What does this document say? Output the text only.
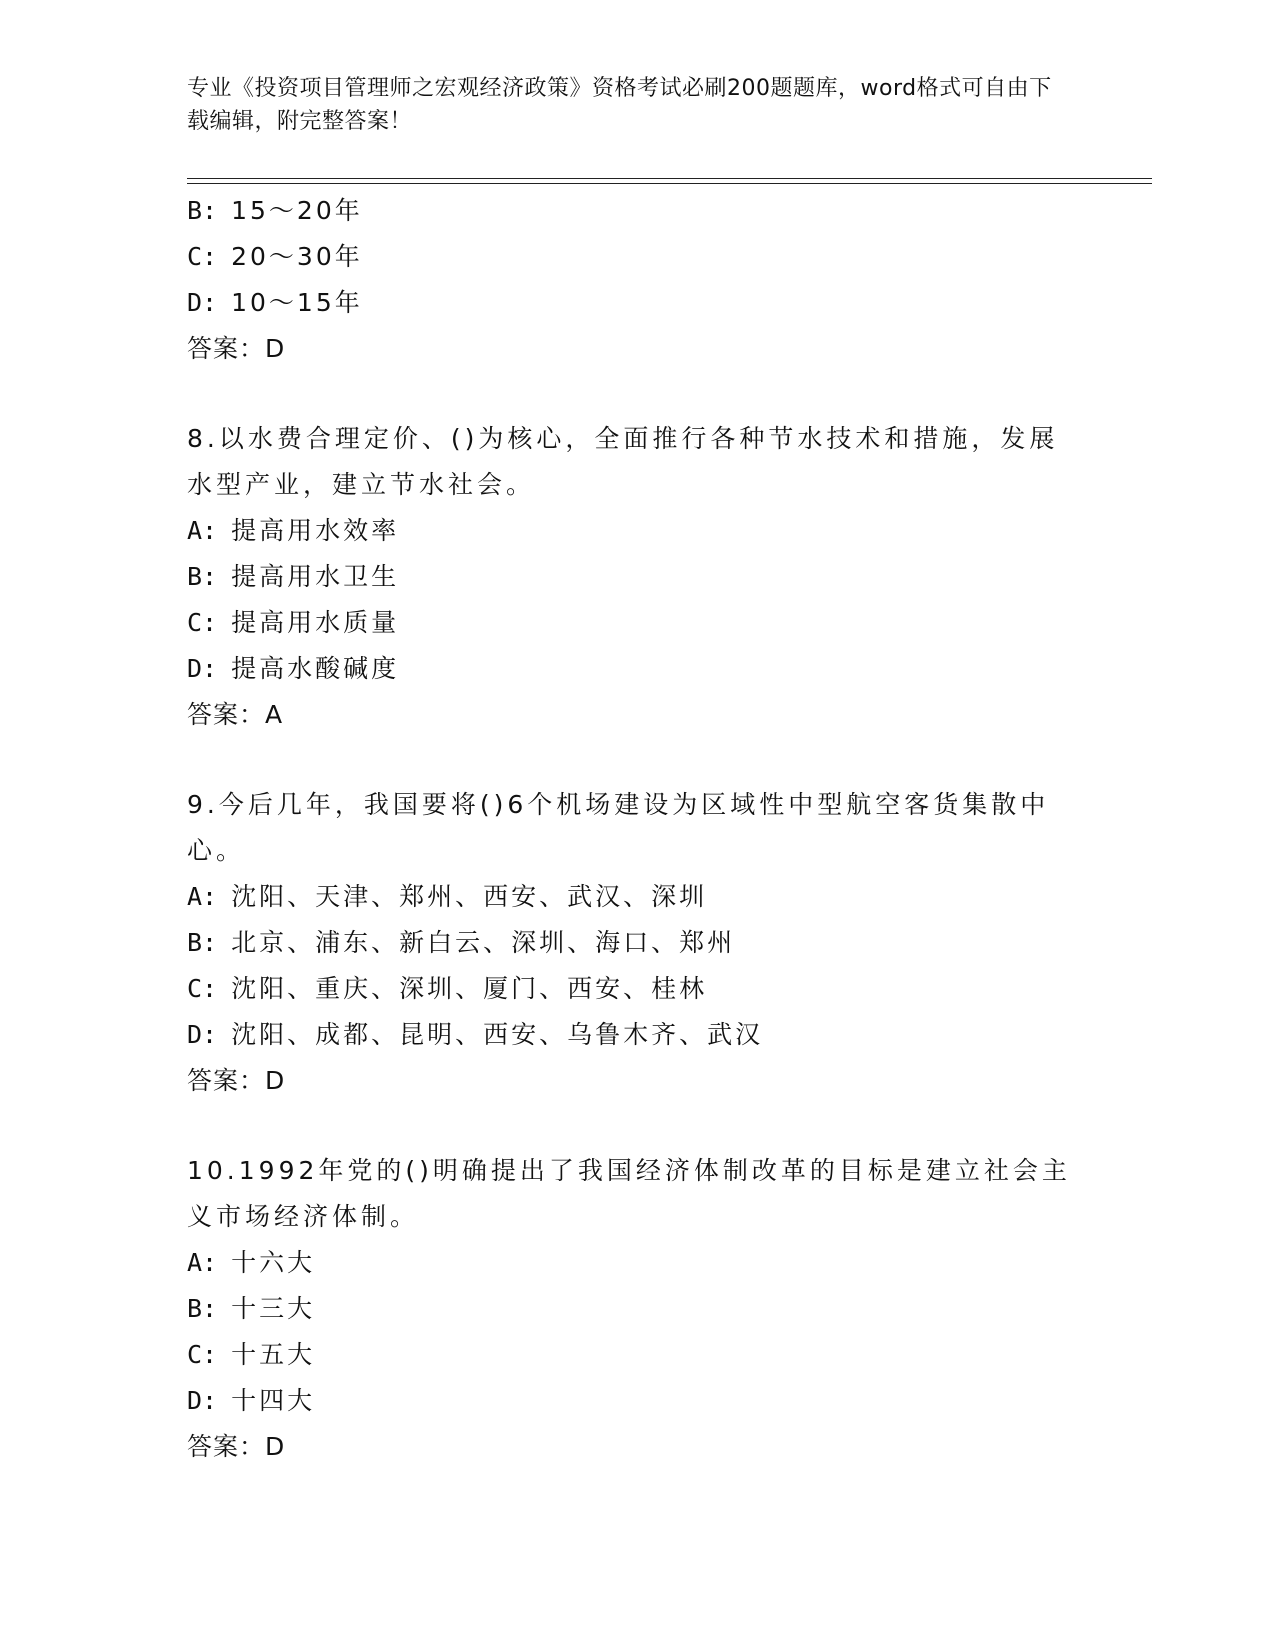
专业《投资项目管理师之宏观经济政策》资格考试必刷200题题库，word格式可自由下载编辑，附完整答案！
B: 15～20年
C: 20～30年
D: 10～15年
答案：D
8.以水费合理定价、()为核心，全面推行各种节水技术和措施，发展水型产业，建立节水社会。
A: 提高用水效率
B: 提高用水卫生
C: 提高用水质量
D: 提高水酸碱度
答案：A
9.今后几年，我国要将()6个机场建设为区域性中型航空客货集散中心。
A: 沈阳、天津、郑州、西安、武汉、深圳
B: 北京、浦东、新白云、深圳、海口、郑州
C: 沈阳、重庆、深圳、厦门、西安、桂林
D: 沈阳、成都、昆明、西安、乌鲁木齐、武汉
答案：D
10.1992年党的()明确提出了我国经济体制改革的目标是建立社会主义市场经济体制。
A: 十六大
B: 十三大
C: 十五大
D: 十四大
答案：D
